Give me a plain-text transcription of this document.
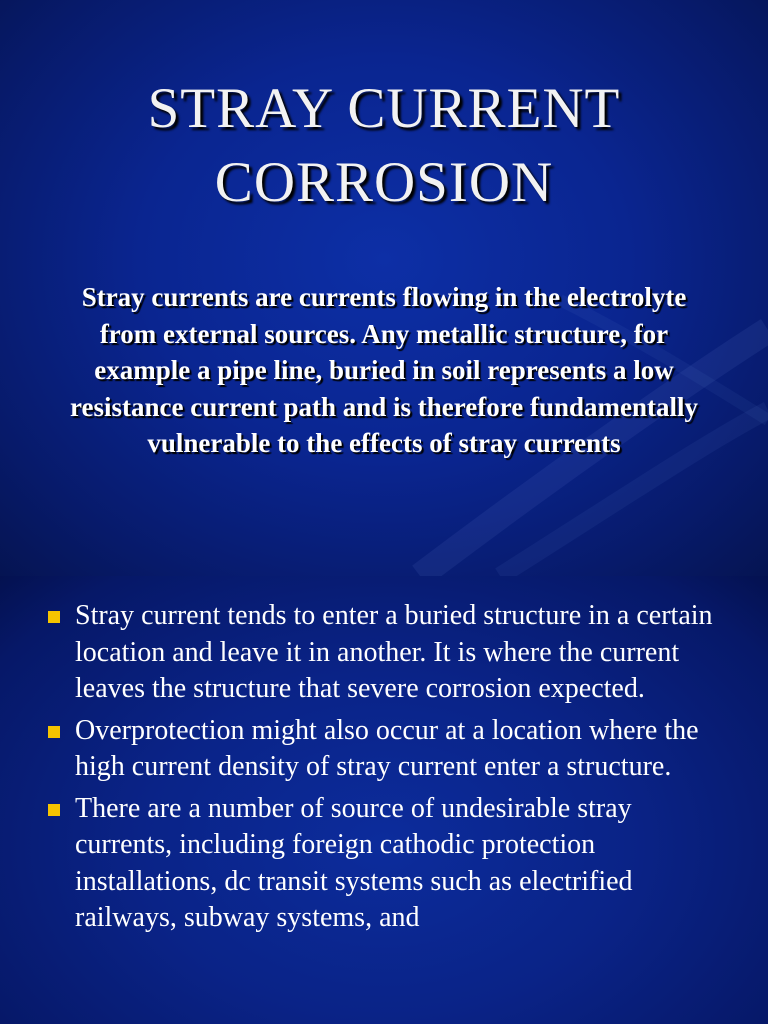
STRAY CURRENT
CORROSION

Stray currents are currents flowing in the electrolyte from external sources. Any metallic structure, for example a pipe line, buried in soil represents a low resistance current path and is therefore fundamentally vulnerable to the effects of stray currents

Stray current tends to enter a buried structure in a certain location and leave it in another. It is where the current leaves the structure that severe corrosion expected.
Overprotection might also occur at a location where the high current density of stray current enter a structure.
There are a number of source of undesirable stray currents, including foreign cathodic protection installations, dc transit systems such as electrified railways, subway systems, and
